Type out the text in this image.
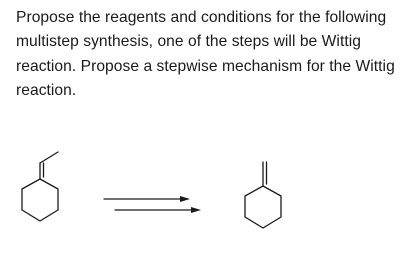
Propose the reagents and conditions for the following multistep synthesis, one of the steps will be Wittig reaction. Propose a stepwise mechanism for the Wittig reaction.
